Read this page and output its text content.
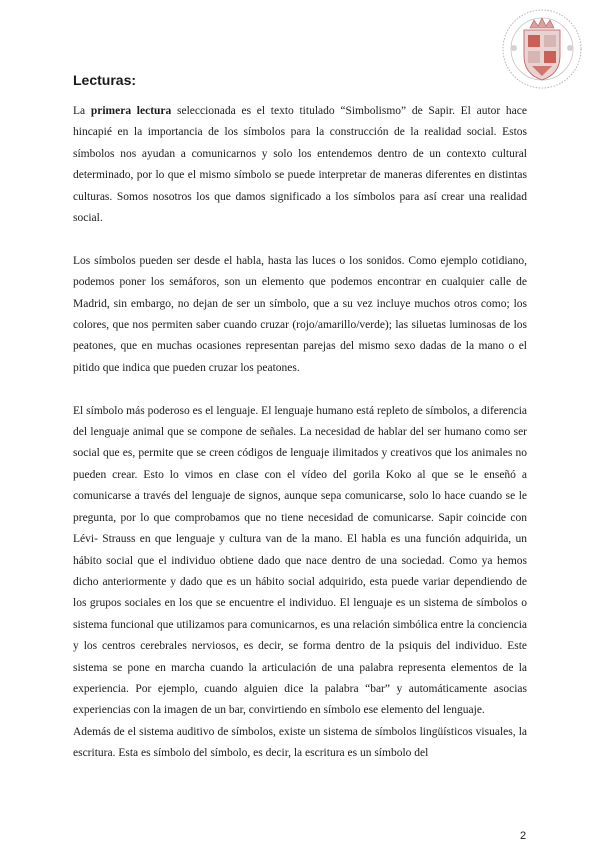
Lecturas:

La primera lectura seleccionada es el texto titulado “Simbolismo” de Sapir. El autor hace hincapié en la importancia de los símbolos para la construcción de la realidad social. Estos símbolos nos ayudan a comunicarnos y solo los entendemos dentro de un contexto cultural determinado, por lo que el mismo símbolo se puede interpretar de maneras diferentes en distintas culturas. Somos nosotros los que damos significado a los símbolos para así crear una realidad social.

Los símbolos pueden ser desde el habla, hasta las luces o los sonidos. Como ejemplo cotidiano, podemos poner los semáforos, son un elemento que podemos encontrar en cualquier calle de Madrid, sin embargo, no dejan de ser un símbolo, que a su vez incluye muchos otros como; los colores, que nos permiten saber cuando cruzar (rojo/amarillo/verde); las siluetas luminosas de los peatones, que en muchas ocasiones representan parejas del mismo sexo dadas de la mano o el pitido que indica que pueden cruzar los peatones.

El símbolo más poderoso es el lenguaje. El lenguaje humano está repleto de símbolos, a diferencia del lenguaje animal que se compone de señales. La necesidad de hablar del ser humano como ser social que es, permite que se creen códigos de lenguaje ilimitados y creativos que los animales no pueden crear. Esto lo vimos en clase con el vídeo del gorila Koko al que se le enseñó a comunicarse a través del lenguaje de signos, aunque sepa comunicarse, solo lo hace cuando se le pregunta, por lo que comprobamos que no tiene necesidad de comunicarse. Sapir coincide con Lévi- Strauss en que lenguaje y cultura van de la mano. El habla es una función adquirida, un hábito social que el individuo obtiene dado que nace dentro de una sociedad. Como ya hemos dicho anteriormente y dado que es un hábito social adquirido, esta puede variar dependiendo de los grupos sociales en los que se encuentre el individuo. El lenguaje es un sistema de símbolos o sistema funcional que utilizamos para comunicarnos, es una relación simbólica entre la conciencia y los centros cerebrales nerviosos, es decir, se forma dentro de la psiquis del individuo. Este sistema se pone en marcha cuando la articulación de una palabra representa elementos de la experiencia. Por ejemplo, cuando alguien dice la palabra “bar” y automáticamente asocias experiencias con la imagen de un bar, convirtiendo en símbolo ese elemento del lenguaje.

Además de el sistema auditivo de símbolos, existe un sistema de símbolos lingüísticos visuales, la escritura. Esta es símbolo del símbolo, es decir, la escritura es un símbolo del

2
